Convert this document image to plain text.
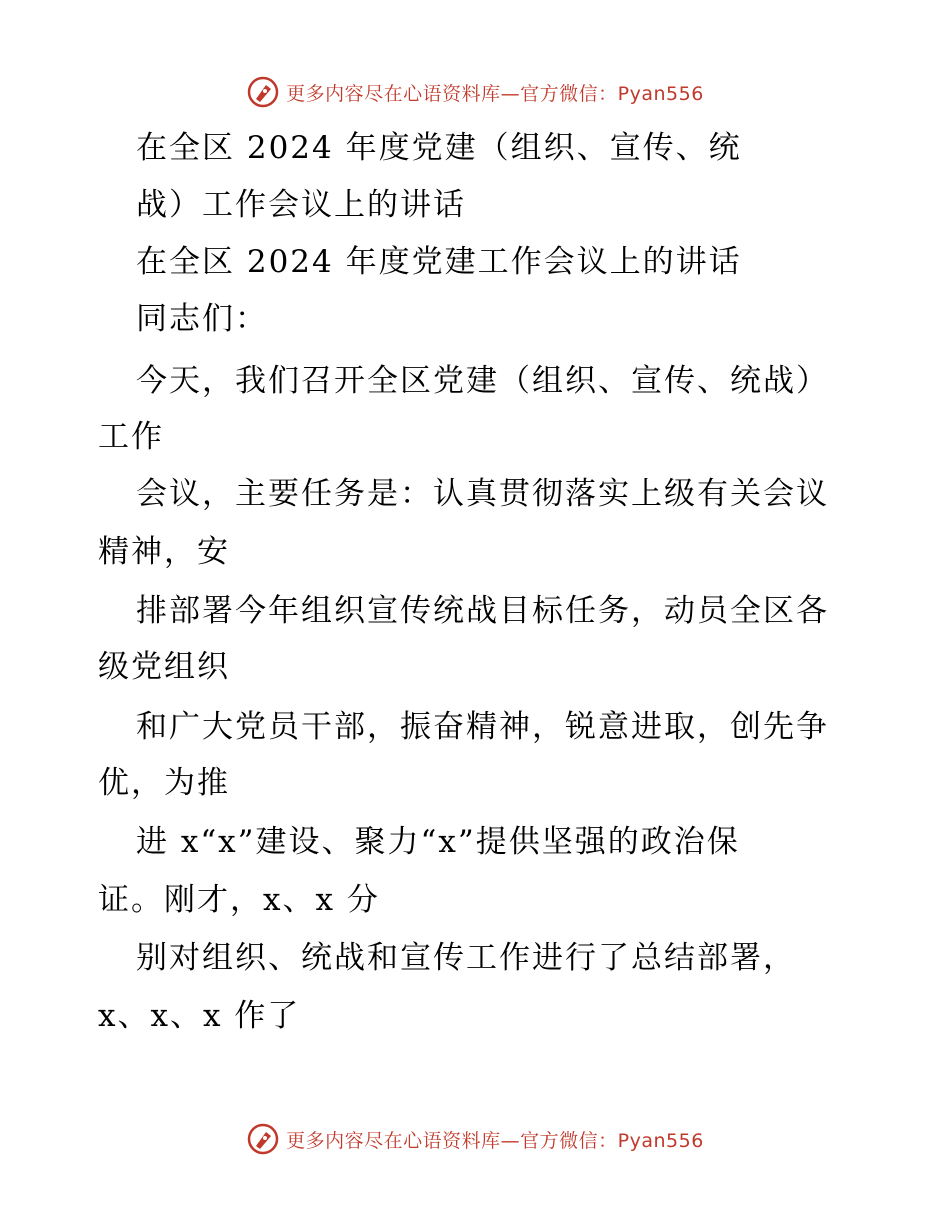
更多内容尽在心语资料库—官方微信：Pyan556
在全区 2024 年度党建（组织、宣传、统
战）工作会议上的讲话
在全区 2024 年度党建工作会议上的讲话
同志们：
今天，我们召开全区党建（组织、宣传、统战）
工作
会议，主要任务是：认真贯彻落实上级有关会议
精神，安
排部署今年组织宣传统战目标任务，动员全区各
级党组织
和广大党员干部，振奋精神，锐意进取，创先争
优，为推
进 x“x”建设、聚力“x”提供坚强的政治保
证。刚才，x、x 分
别对组织、统战和宣传工作进行了总结部署，
x、x、x 作了
更多内容尽在心语资料库—官方微信：Pyan556
